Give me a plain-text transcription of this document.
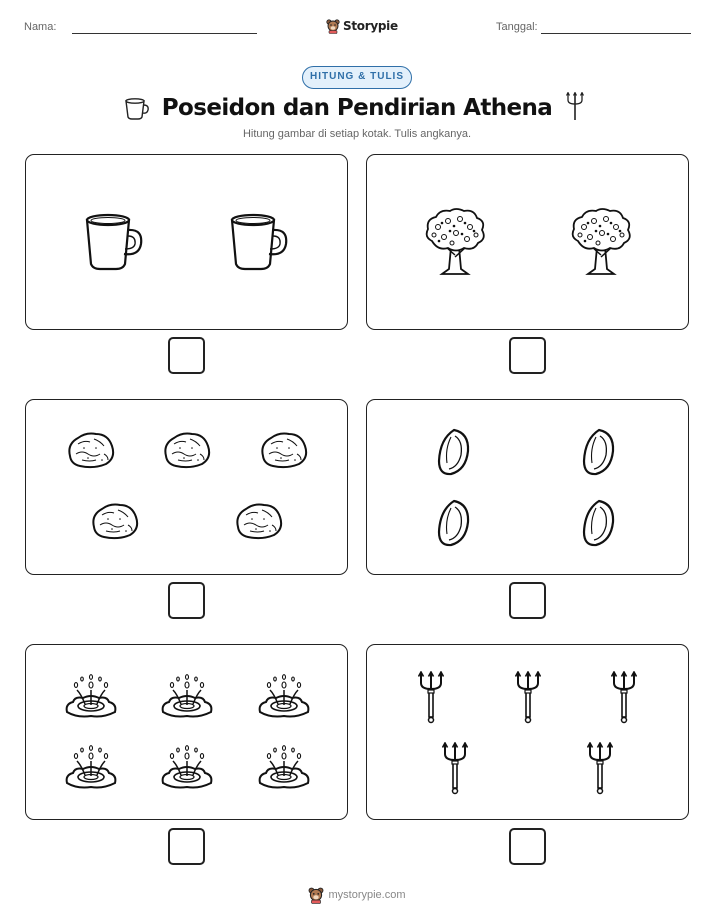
Nama:	Storypie	Tanggal:
HITUNG & TULIS
Poseidon dan Pendirian Athena
Hitung gambar di setiap kotak. Tulis angkanya.
mystorypie.com
